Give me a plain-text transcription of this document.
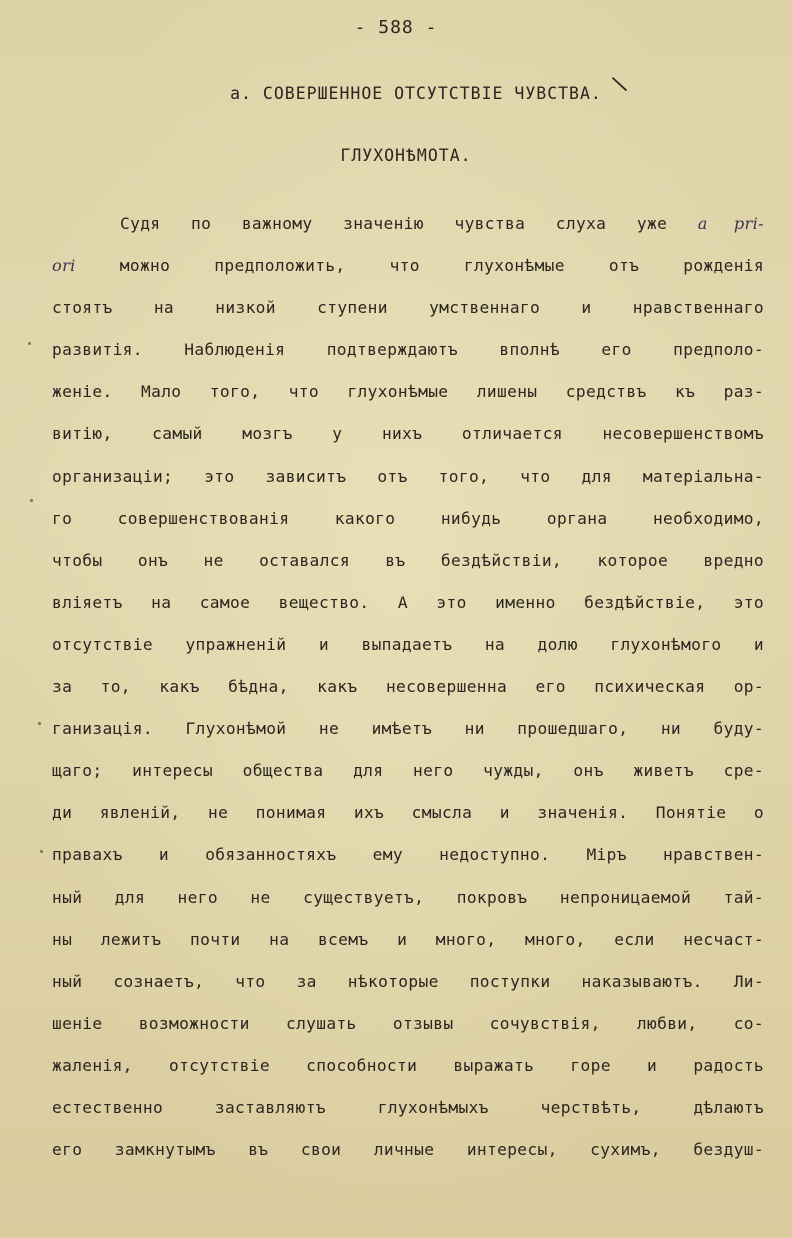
- 588 -
а. СОВЕРШЕННОЕ ОТСУТСТВIЕ ЧУВСТВА. \
ГЛУХОНѢМОТА.
Судя по важному значенiю чувства слуха уже a pri-
ori можно предположить, что глухонѣмые отъ рожденiя
стоятъ на низкой ступени умственнаго и нравственнаго
развитiя. Наблюденiя подтверждаютъ вполнѣ его предполо-
женiе. Мало того, что глухонѣмые лишены средствъ къ раз-
витiю, самый мозгъ у нихъ отличается несовершенствомъ
организацiи; это зависитъ отъ того, что для матерiальна-
го совершенствованiя какого нибудь органа необходимо,
чтобы онъ не оставался въ бездѣйствiи, которое вредно
влiяетъ на самое вещество. А это именно бездѣйствiе, это
отсутствiе упражненiй и выпадаетъ на долю глухонѣмого и
за то, какъ бѣдна, какъ несовершенна его психическая ор-
ганизацiя. Глухонѣмой не имѣетъ ни прошедшаго, ни буду-
щаго; интересы общества для него чужды, онъ живетъ сре-
ди явленiй, не понимая ихъ смысла и значенiя. Понятiе о
правахъ и обязанностяхъ ему недоступно. Мiръ нравствен-
ный для него не существуетъ, покровъ непроницаемой тай-
ны лежитъ почти на всемъ и много, много, если несчаст-
ный сознаетъ, что за нѣкоторые поступки наказываютъ. Ли-
шенiе возможности слушать отзывы сочувствiя, любви, со-
жаленiя, отсутствiе способности выражать горе и радость
естественно заставляютъ глухонѣмыхъ черствѣть, дѣлаютъ
его замкнутымъ въ свои личные интересы, сухимъ, бездуш-
